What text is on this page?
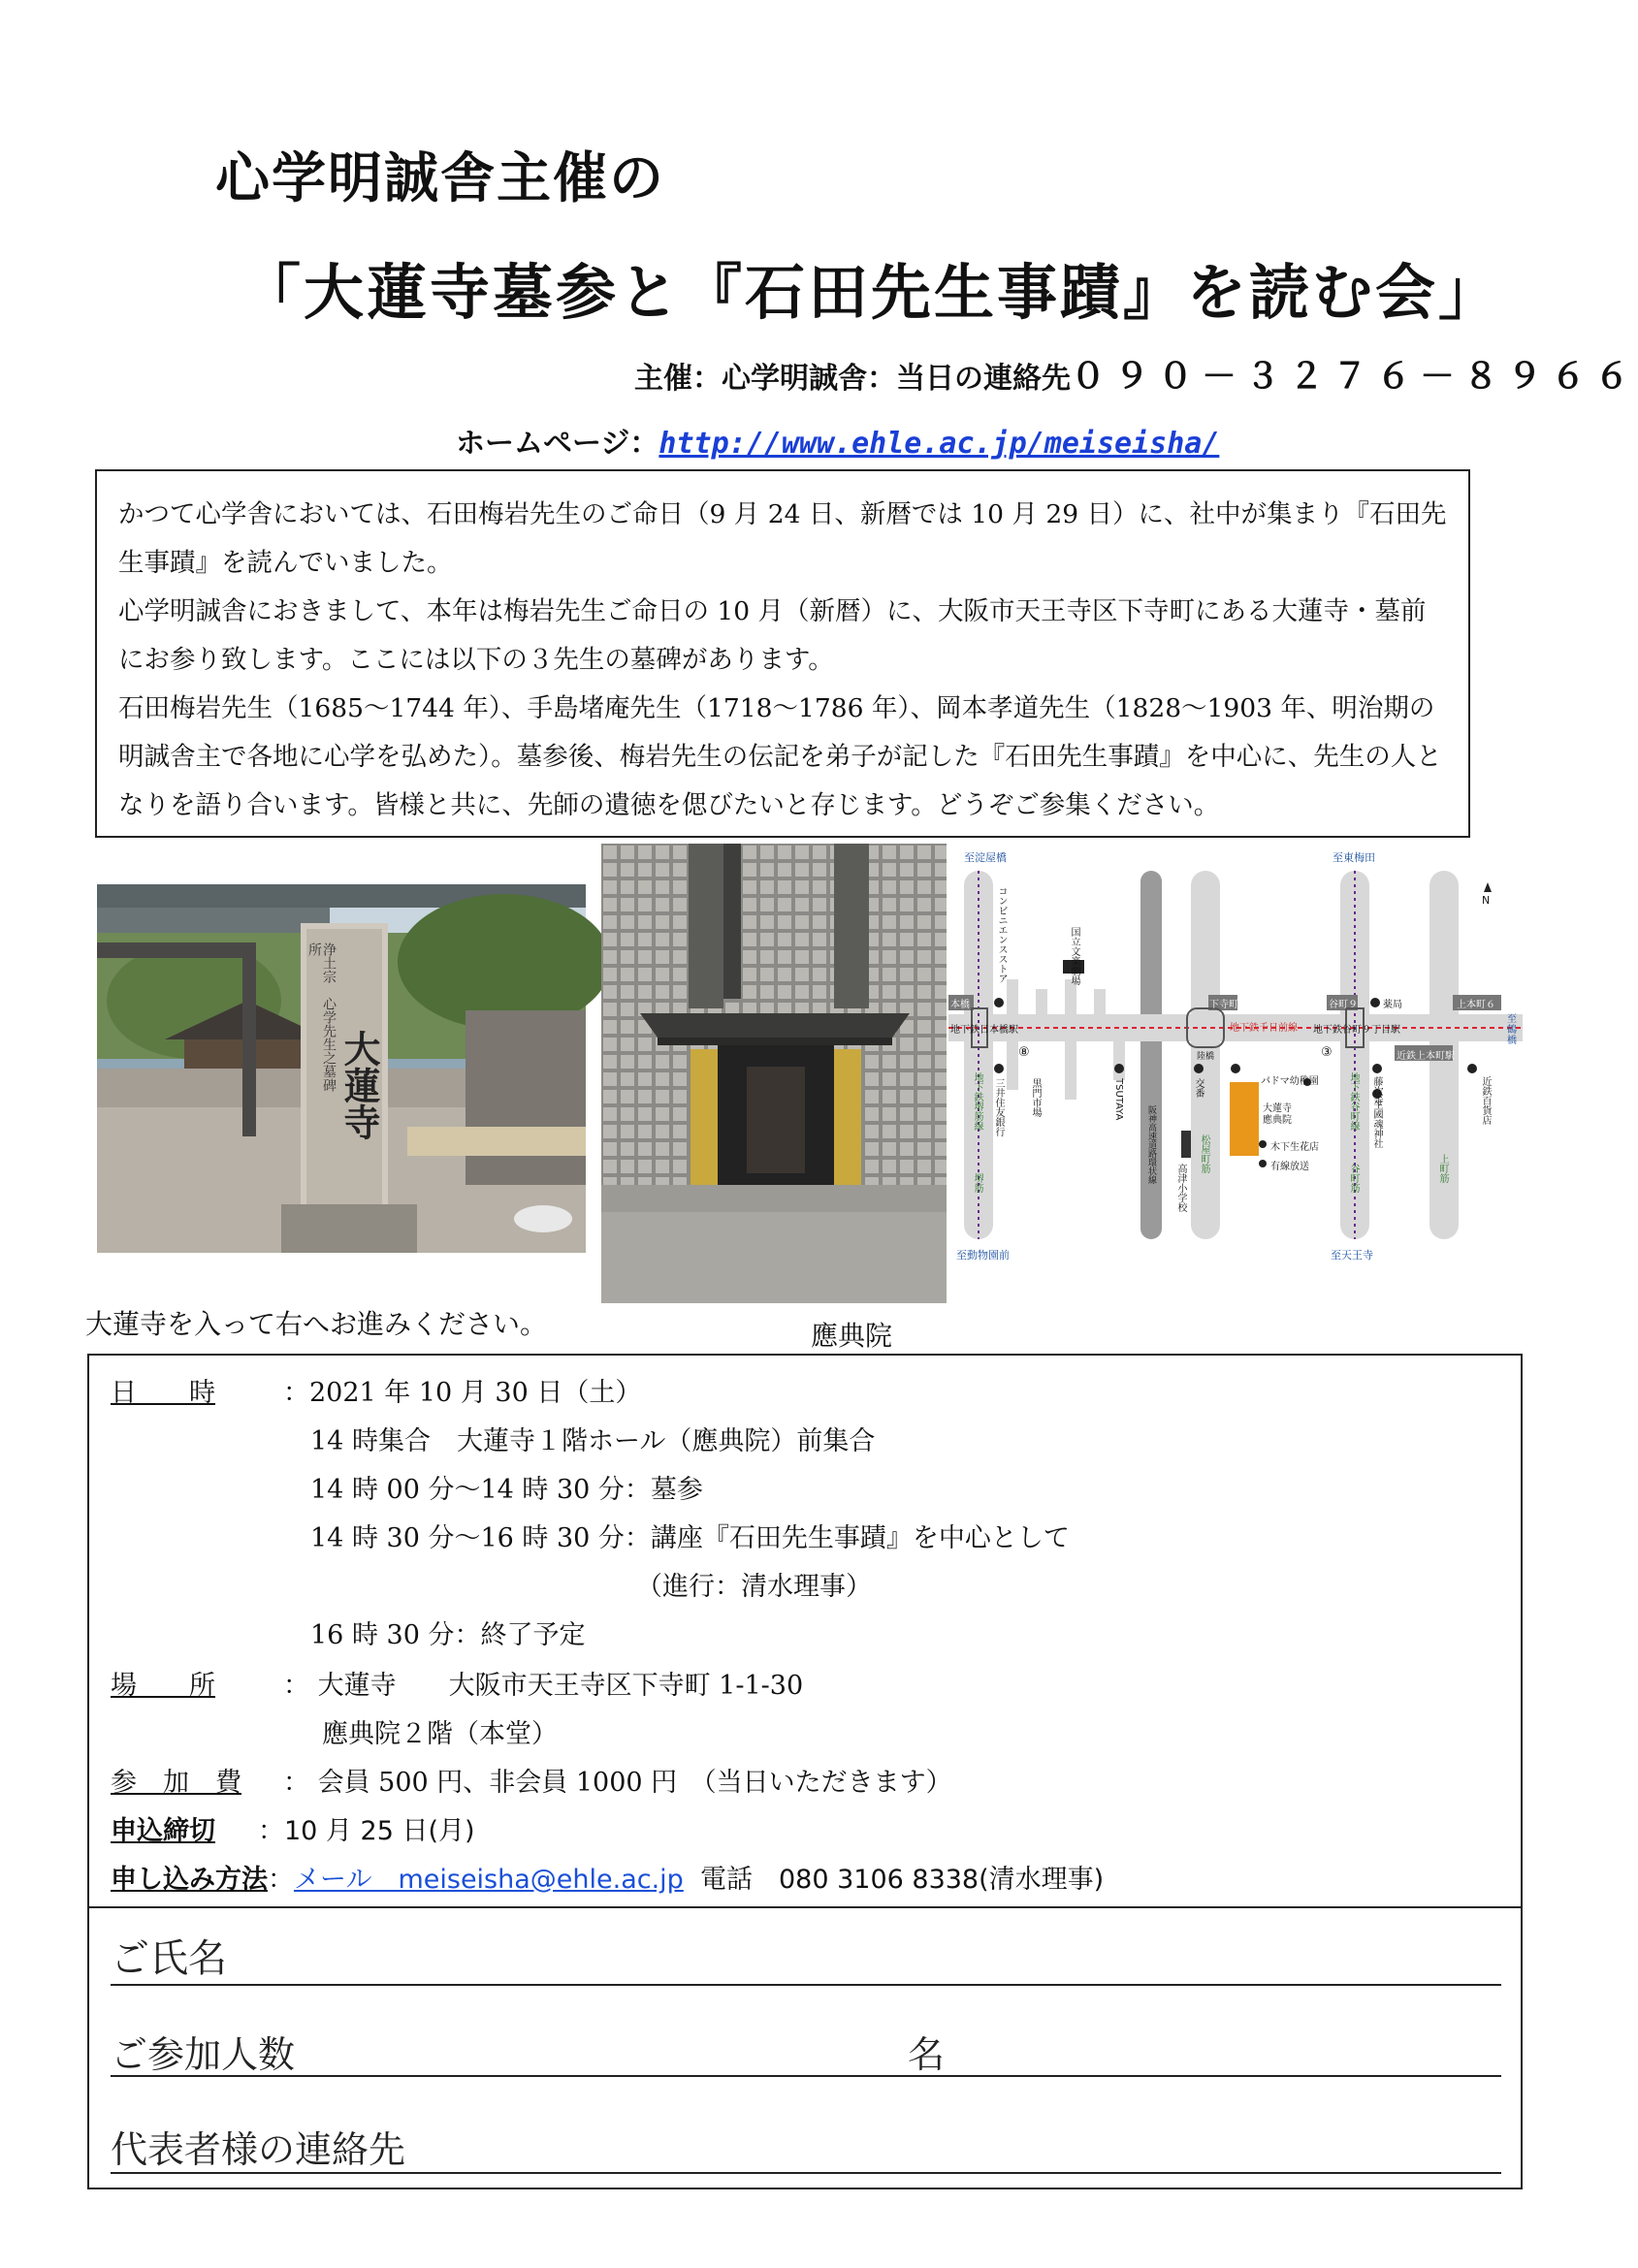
心学明誠舎主催の
「大蓮寺墓参と『石田先生事蹟』を読む会」
主催：心学明誠舎：当日の連絡先０９０－３２７６－８９６６
ホームページ：http://www.ehle.ac.jp/meiseisha/

かつて心学舎においては、石田梅岩先生のご命日（9 月 24 日、新暦では 10 月 29 日）に、社中が集まり『石田先生事蹟』を読んでいました。

心学明誠舎におきまして、本年は梅岩先生ご命日の 10 月（新暦）に、大阪市天王寺区下寺町にある大蓮寺・墓前にお参り致します。ここには以下の３先生の墓碑があります。

石田梅岩先生（1685～1744 年）、手島堵庵先生（1718～1786 年）、岡本孝道先生（1828～1903 年、明治期の明誠舎主で各地に心学を弘めた）。墓参後、梅岩先生の伝記を弟子が記した『石田先生事蹟』を中心に、先生の人となりを語り合います。皆様と共に、先師の遺徳を偲びたいと存じます。どうぞご参集ください。

浄土宗　心学先生之墓碑所
大蓮寺
N
至淀屋橋	至東梅田
至動物園前	至天王寺
至鶴橋
地下鉄日本橋駅	地下鉄千日前線 地下鉄谷町９丁目駅
近鉄上本町駅
本橋	下寺町	谷町９	上本町６
コンビニエンスストア	国立文楽劇場
三井住友銀行	黒門市場	TSUTAYA	交番
阪神高速道路環状線
高津小学校
陸橋
パドマ幼稚園
大蓮寺 應典院
木下生花店
有線放送
藤次寺
生國魂神社
薬局
近鉄百貨店
地下鉄堺筋線
堺筋
松屋町筋
地下鉄谷町線
谷町筋	上町筋
⑧	③
大蓮寺を入って右へお進みください。	應典院
日　　時	：2021 年 10 月 30 日（土）
14 時集合　大蓮寺１階ホール（應典院）前集合
14 時 00 分～14 時 30 分：墓参
14 時 30 分～16 時 30 分：講座『石田先生事蹟』を中心として
（進行：清水理事）
16 時 30 分：終了予定
場　　所	： 大蓮寺　　大阪市天王寺区下寺町 1-1-30
應典院２階（本堂）
参　加　費 ： 会員 500 円、非会員 1000 円　（当日いただきます）
申込締切 ：10 月 25 日(月)
申し込み方法：メール　meiseisha@ehle.ac.jp 電話　080 3106 8338(清水理事)
ご氏名
ご参加人数	名
代表者様の連絡先
